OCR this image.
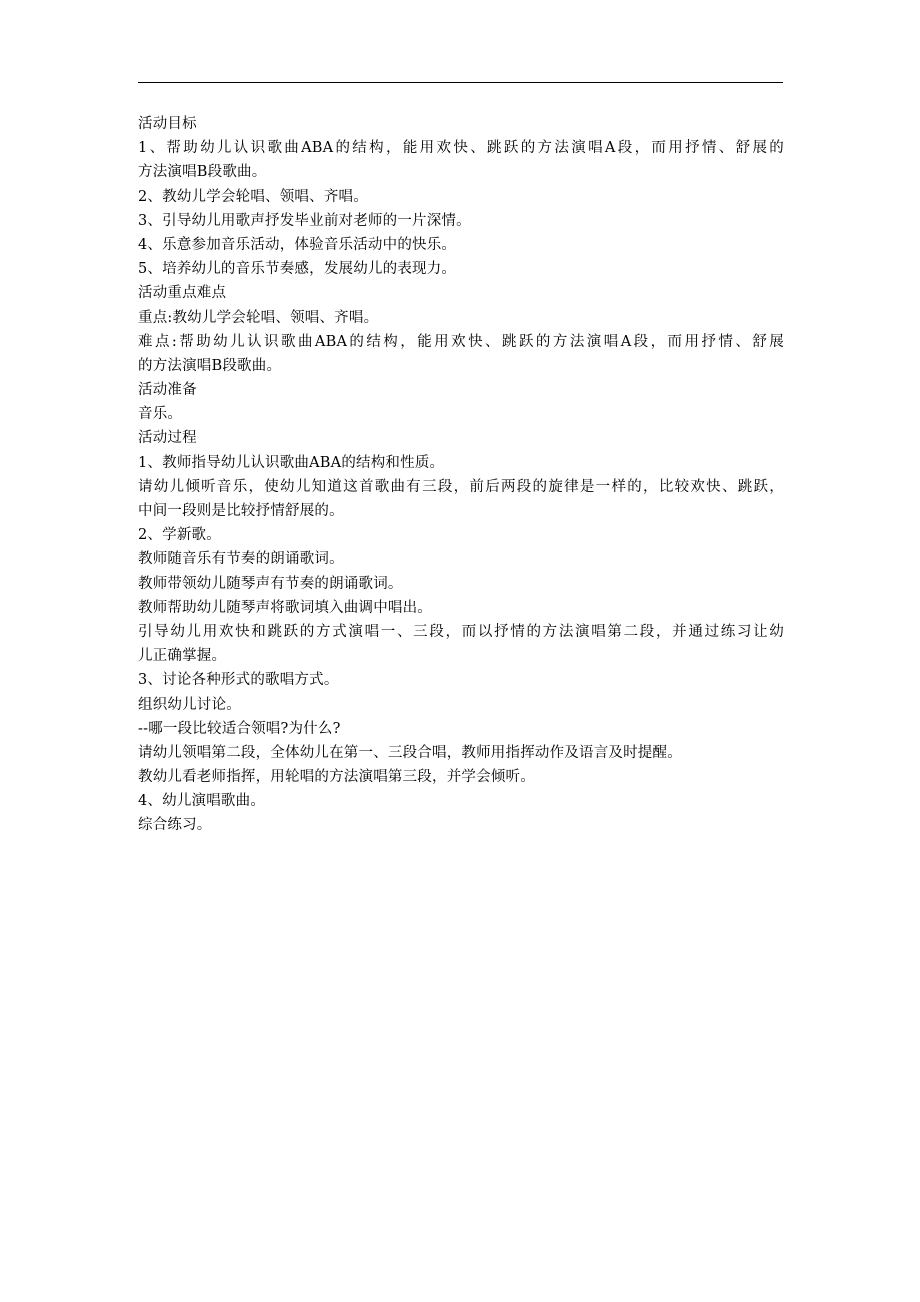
活动目标
1、帮助幼儿认识歌曲ABA的结构，能用欢快、跳跃的方法演唱A段，而用抒情、舒展的
方法演唱B段歌曲。
2、教幼儿学会轮唱、领唱、齐唱。
3、引导幼儿用歌声抒发毕业前对老师的一片深情。
4、乐意参加音乐活动，体验音乐活动中的快乐。
5、培养幼儿的音乐节奏感，发展幼儿的表现力。
活动重点难点
重点:教幼儿学会轮唱、领唱、齐唱。
难点:帮助幼儿认识歌曲ABA的结构，能用欢快、跳跃的方法演唱A段，而用抒情、舒展
的方法演唱B段歌曲。
活动准备
音乐。
活动过程
1、教师指导幼儿认识歌曲ABA的结构和性质。
请幼儿倾听音乐，使幼儿知道这首歌曲有三段，前后两段的旋律是一样的，比较欢快、跳跃，
中间一段则是比较抒情舒展的。
2、学新歌。
教师随音乐有节奏的朗诵歌词。
教师带领幼儿随琴声有节奏的朗诵歌词。
教师帮助幼儿随琴声将歌词填入曲调中唱出。
引导幼儿用欢快和跳跃的方式演唱一、三段，而以抒情的方法演唱第二段，并通过练习让幼
儿正确掌握。
3、讨论各种形式的歌唱方式。
组织幼儿讨论。
--哪一段比较适合领唱?为什么?
请幼儿领唱第二段，全体幼儿在第一、三段合唱，教师用指挥动作及语言及时提醒。
教幼儿看老师指挥，用轮唱的方法演唱第三段，并学会倾听。
4、幼儿演唱歌曲。
综合练习。
